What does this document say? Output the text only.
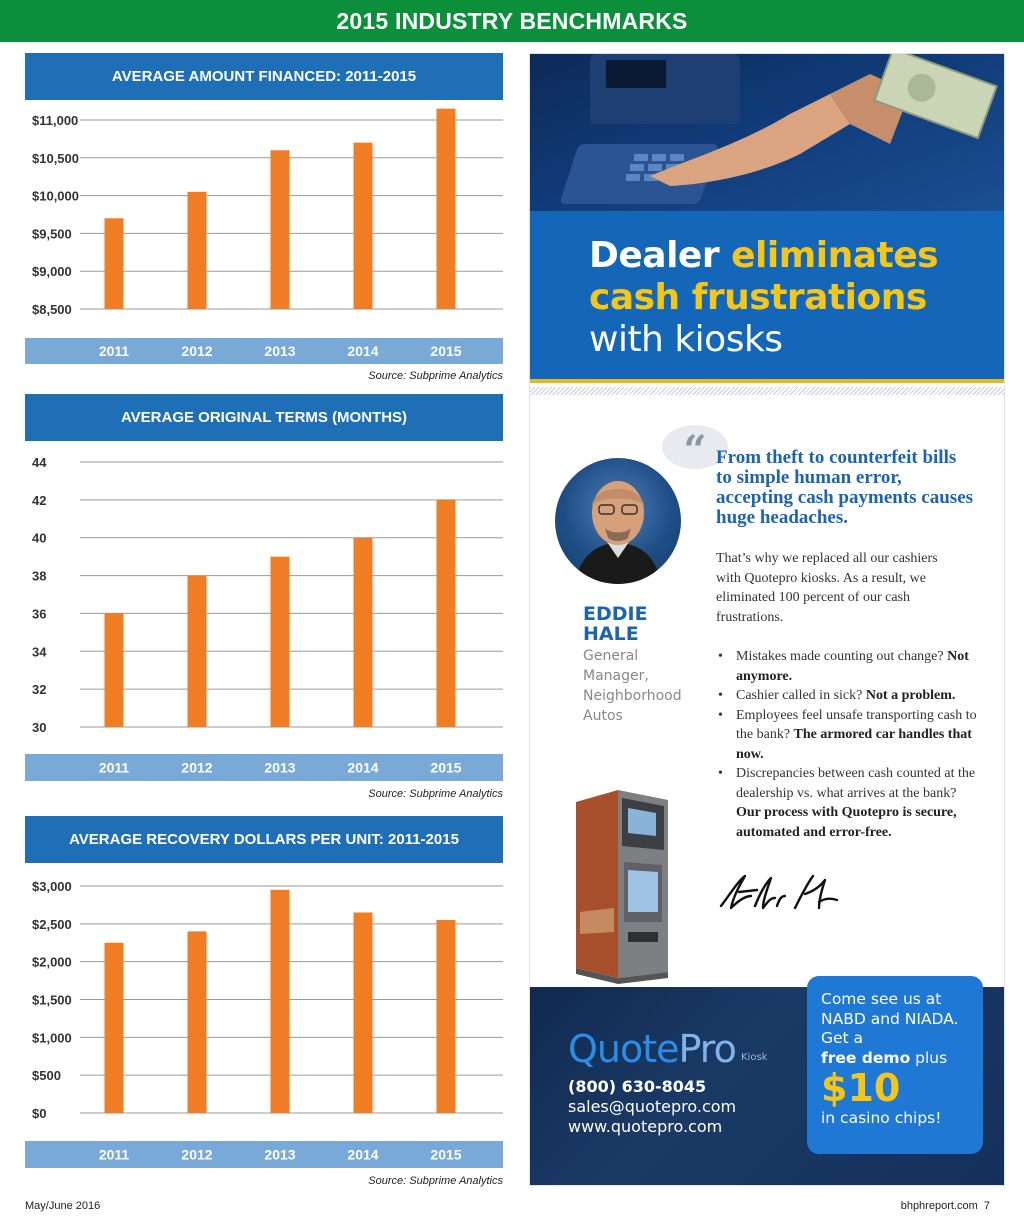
2015 INDUSTRY BENCHMARKS
AVERAGE AMOUNT FINANCED: 2011-2015
$8,500
$9,000
$9,500
$10,000
$10,500
$11,000
2011	2012	2013	2014	2015
Source: Subprime Analytics
AVERAGE ORIGINAL TERMS (MONTHS)
30
32
34
36
38
40
42
44
2011	2012	2013	2014	2015
Source: Subprime Analytics
AVERAGE RECOVERY DOLLARS PER UNIT: 2011-2015
$0
$500
$1,000
$1,500
$2,000
$2,500
$3,000
2011	2012	2013	2014	2015
Source: Subprime Analytics
Dealer eliminates
cash frustrations
with kiosks
“ From theft to counterfeit bills to simple human error, accepting cash payments causes huge headaches.
EDDIE
HALE
General Manager, Neighborhood Autos
That’s why we replaced all our cashiers with Quotepro kiosks. As a result, we eliminated 100 percent of our cash frustrations.
• Mistakes made counting out change? Not anymore.
• Cashier called in sick? Not a problem.
• Employees feel unsafe transporting cash to the bank? The armored car handles that now.
• Discrepancies between cash counted at the dealership vs. what arrives at the bank? Our process with Quotepro is secure, automated and error-free.
QuotePro Kiosk
(800) 630-8045
sales@quotepro.com
www.quotepro.com
Come see us at NABD and NIADA. Get a
free demo plus
$10
in casino chips!
May/June 2016	bhphreport.com 7
